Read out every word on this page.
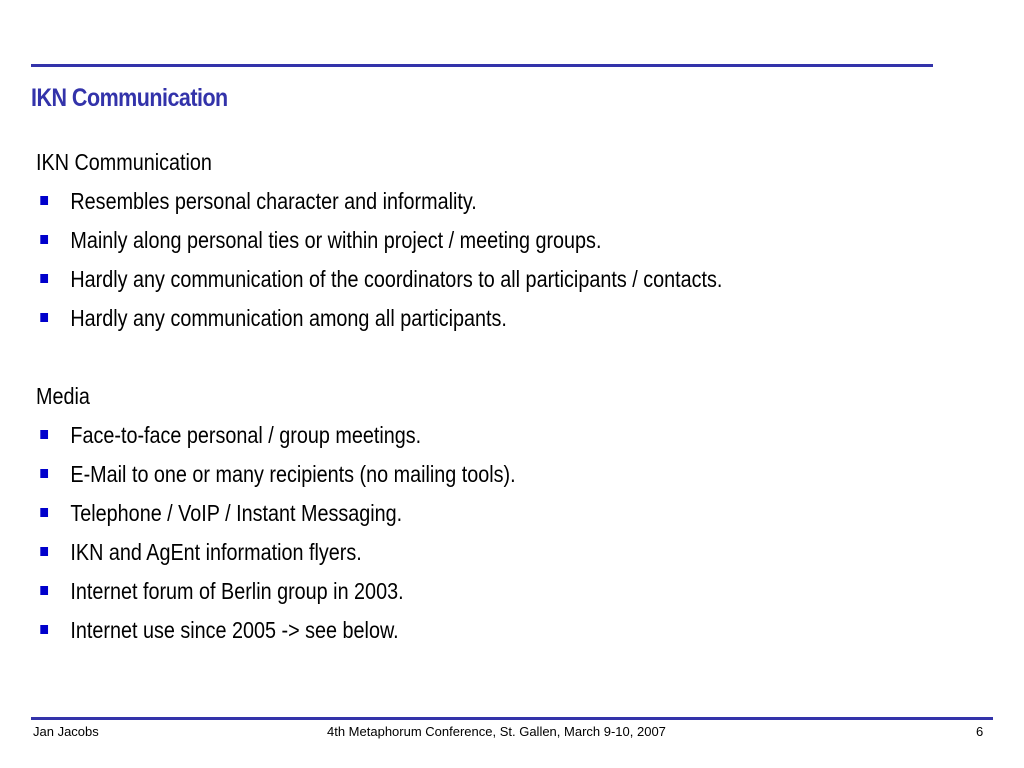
IKN Communication
IKN Communication
Resembles personal character and informality.
Mainly along personal ties or within project / meeting groups.
Hardly any communication of the coordinators to all participants / contacts.
Hardly any communication among all participants.
Media
Face-to-face personal / group meetings.
E-Mail to one or many recipients (no mailing tools).
Telephone / VoIP / Instant Messaging.
IKN and AgEnt information flyers.
Internet forum of Berlin group in 2003.
Internet use since 2005 -> see below.
Jan Jacobs	4th Metaphorum Conference, St. Gallen, March 9-10, 2007	6
